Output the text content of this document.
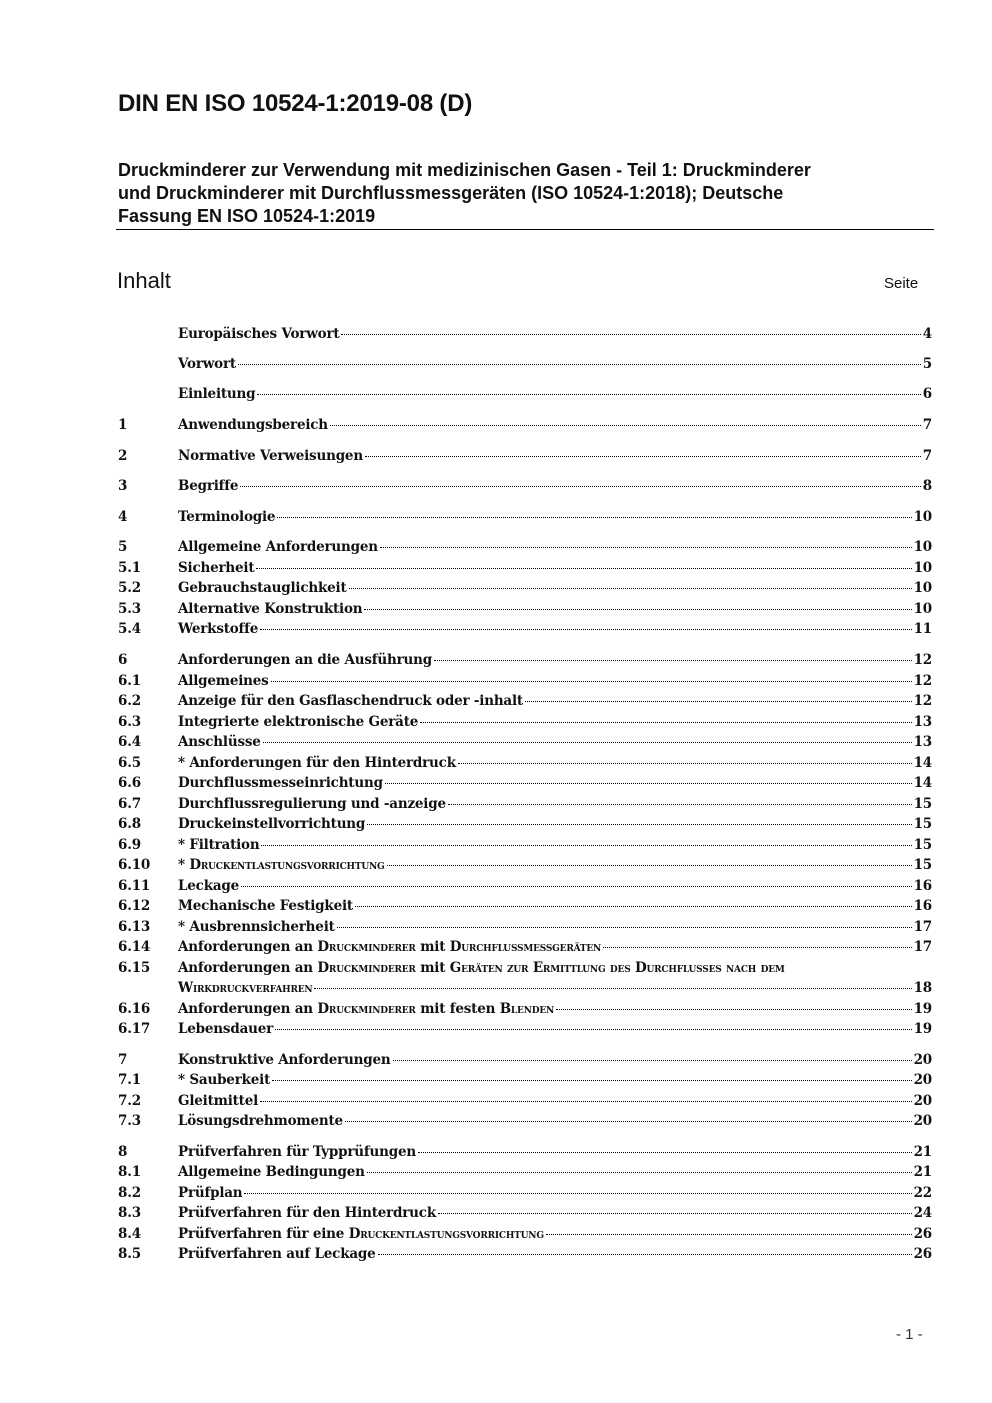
DIN EN ISO 10524-1:2019-08 (D)
Druckminderer zur Verwendung mit medizinischen Gasen - Teil 1: Druckminderer
und Druckminderer mit Durchflussmessgeräten (ISO 10524-1:2018); Deutsche
Fassung EN ISO 10524-1:2019
Inhalt	Seite
Europäisches Vorwort	4
Vorwort	5
Einleitung	6
1	Anwendungsbereich	7
2	Normative Verweisungen	7
3	Begriffe	8
4	Terminologie	10
5	Allgemeine Anforderungen	10
5.1	Sicherheit	10
5.2	Gebrauchstauglichkeit	10
5.3	Alternative Konstruktion	10
5.4	Werkstoffe	11
6	Anforderungen an die Ausführung	12
6.1	Allgemeines	12
6.2	Anzeige für den Gasflaschendruck oder -inhalt	12
6.3	Integrierte elektronische Geräte	13
6.4	Anschlüsse	13
6.5	* Anforderungen für den Hinterdruck	14
6.6	Durchflussmesseinrichtung	14
6.7	Durchflussregulierung und -anzeige	15
6.8	Druckeinstellvorrichtung	15
6.9	* Filtration	15
6.10	* Druckentlastungsvorrichtung	15
6.11	Leckage	16
6.12	Mechanische Festigkeit	16
6.13	* Ausbrennsicherheit	17
6.14	Anforderungen an Druckminderer mit Durchflussmessgeräten	17
6.15	Anforderungen an Druckminderer mit Geräten zur Ermittlung des Durchflusses nach dem
Wirkdruckverfahren	18
6.16	Anforderungen an Druckminderer mit festen Blenden	19
6.17	Lebensdauer	19
7	Konstruktive Anforderungen	20
7.1	* Sauberkeit	20
7.2	Gleitmittel	20
7.3	Lösungsdrehmomente	20
8	Prüfverfahren für Typprüfungen	21
8.1	Allgemeine Bedingungen	21
8.2	Prüfplan	22
8.3	Prüfverfahren für den Hinterdruck	24
8.4	Prüfverfahren für eine Druckentlastungsvorrichtung	26
8.5	Prüfverfahren auf Leckage	26
- 1 -
